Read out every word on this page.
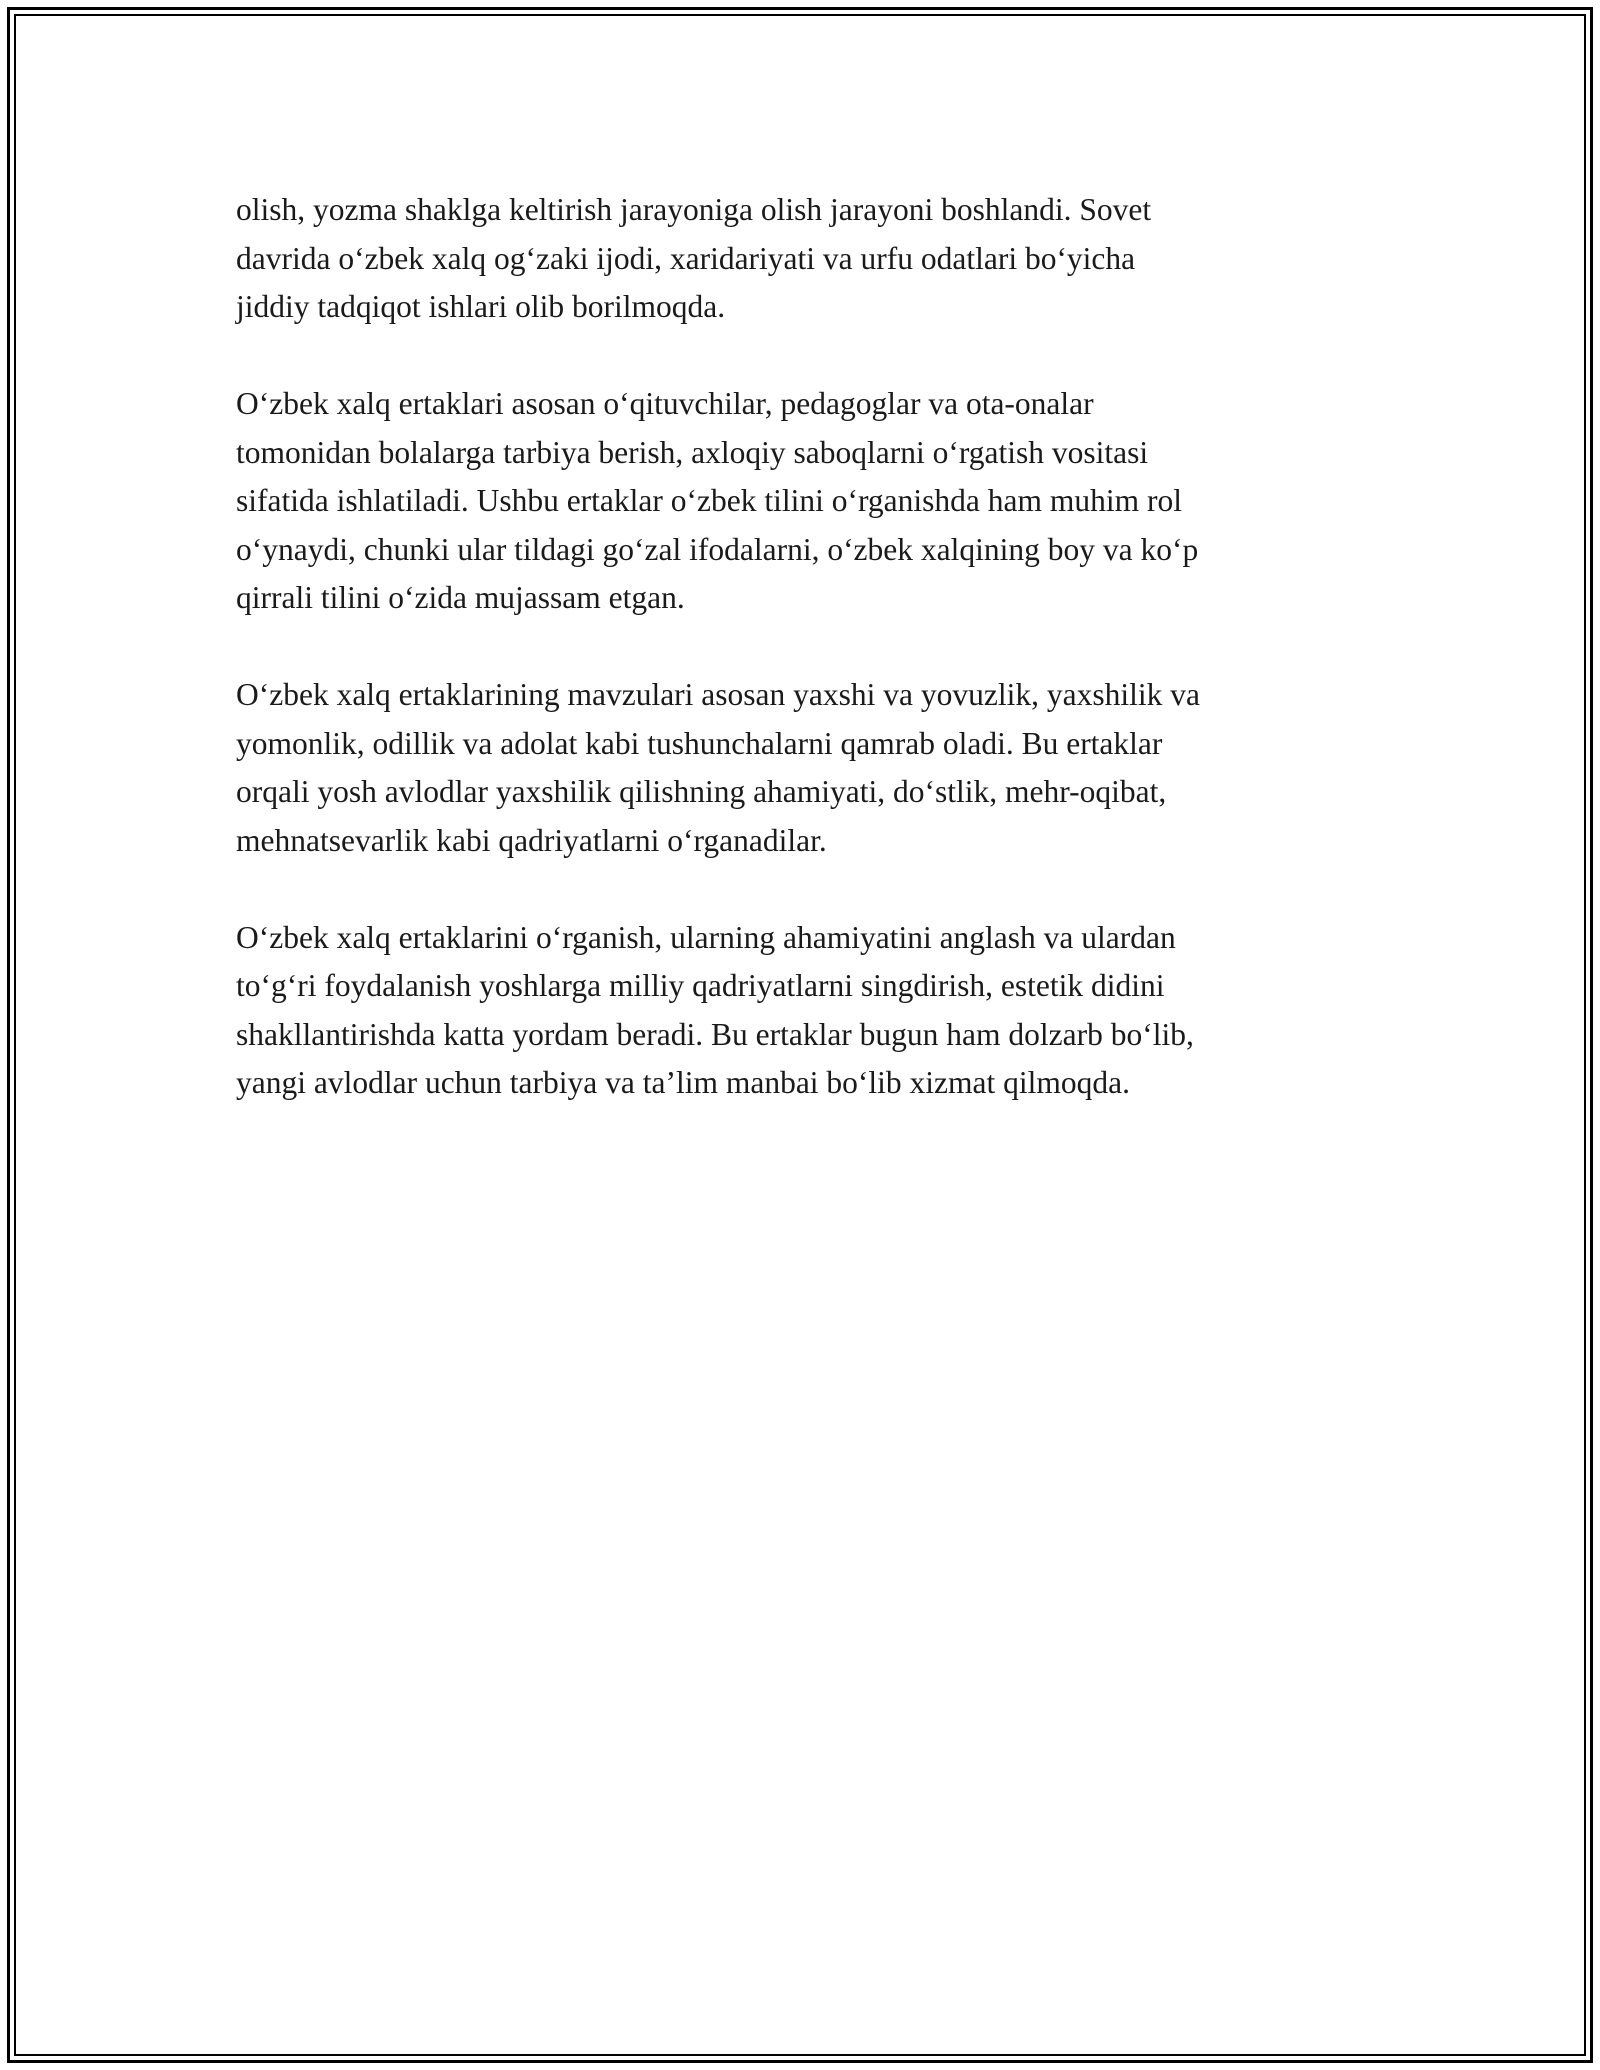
olish, yozma shaklga keltirish jarayoniga olish jarayoni boshlandi. Sovet
davrida o‘zbek xalq og‘zaki ijodi, xaridariyati va urfu odatlari bo‘yicha
jiddiy tadqiqot ishlari olib borilmoqda.

O‘zbek xalq ertaklari asosan o‘qituvchilar, pedagoglar va ota-onalar
tomonidan bolalarga tarbiya berish, axloqiy saboqlarni o‘rgatish vositasi
sifatida ishlatiladi. Ushbu ertaklar o‘zbek tilini o‘rganishda ham muhim rol
o‘ynaydi, chunki ular tildagi go‘zal ifodalarni, o‘zbek xalqining boy va ko‘p
qirrali tilini o‘zida mujassam etgan.

O‘zbek xalq ertaklarining mavzulari asosan yaxshi va yovuzlik, yaxshilik va
yomonlik, odillik va adolat kabi tushunchalarni qamrab oladi. Bu ertaklar
orqali yosh avlodlar yaxshilik qilishning ahamiyati, do‘stlik, mehr-oqibat,
mehnatsevarlik kabi qadriyatlarni o‘rganadilar.

O‘zbek xalq ertaklarini o‘rganish, ularning ahamiyatini anglash va ulardan
to‘g‘ri foydalanish yoshlarga milliy qadriyatlarni singdirish, estetik didini
shakllantirishda katta yordam beradi. Bu ertaklar bugun ham dolzarb bo‘lib,
yangi avlodlar uchun tarbiya va ta’lim manbai bo‘lib xizmat qilmoqda.
